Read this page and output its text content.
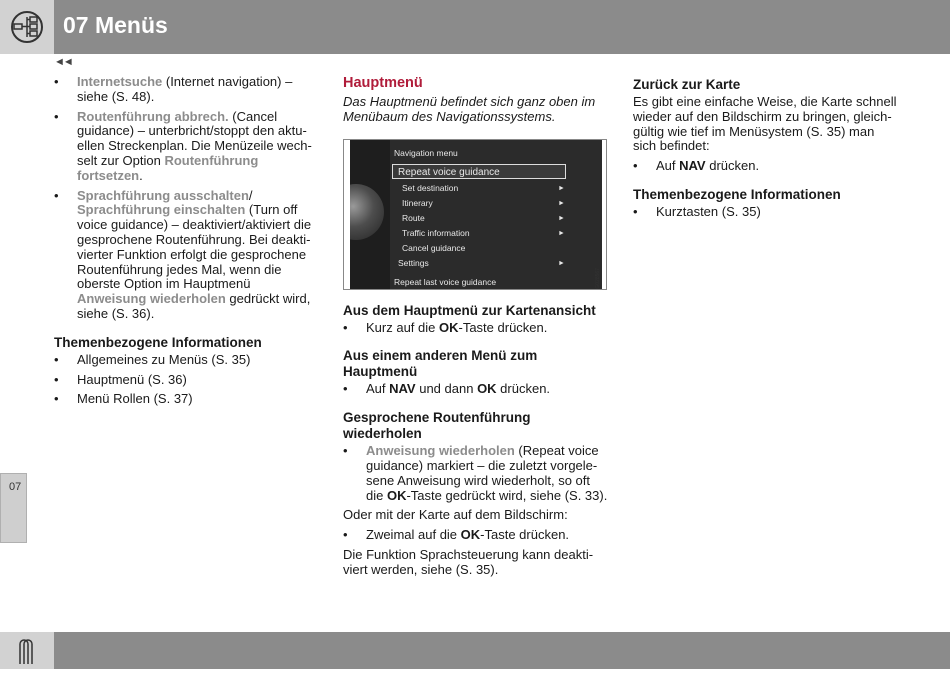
07 Menüs
◄◄
07
• Internetsuche (Internet navigation) – siehe (S. 48).
• Routenführung abbrech. (Cancel guidance) – unterbricht/stoppt den aktu-ellen Streckenplan. Die Menüzeile wech-selt zur Option Routenführung fortsetzen.
• Sprachführung ausschalten/
Sprachführung einschalten (Turn off voice guidance) – deaktiviert/aktiviert die gesprochene Routenführung. Bei deakti-vierter Funktion erfolgt die gesprochene Routenführung jedes Mal, wenn die oberste Option im Hauptmenü Anweisung wiederholen gedrückt wird, siehe (S. 36).
Themenbezogene Informationen
• Allgemeines zu Menüs (S. 35)
• Hauptmenü (S. 36)
• Menü Rollen (S. 37)
Hauptmenü

Das Hauptmenü befindet sich ganz oben im Menübaum des Navigationssystems.

Navigation menu
Repeat voice guidance
Set destination	►
Itinerary	►
Route	►
Traffic information	►
Cancel guidance
Settings	►
Repeat last voice guidance	G028567
Aus dem Hauptmenü zur Kartenansicht
• Kurz auf die OK-Taste drücken.
Aus einem anderen Menü zum Hauptmenü
• Auf NAV und dann OK drücken.
Gesprochene Routenführung wiederholen
• Anweisung wiederholen (Repeat voice guidance) markiert – die zuletzt vorgele-sene Anweisung wird wiederholt, so oft die OK-Taste gedrückt wird, siehe (S. 33).

Oder mit der Karte auf dem Bildschirm:

• Zweimal auf die OK-Taste drücken.

Die Funktion Sprachsteuerung kann deakti-viert werden, siehe (S. 35).

Zurück zur Karte

Es gibt eine einfache Weise, die Karte schnell wieder auf den Bildschirm zu bringen, gleich-gültig wie tief im Menüsystem (S. 35) man sich befindet:

• Auf NAV drücken.
Themenbezogene Informationen
• Kurztasten (S. 35)
